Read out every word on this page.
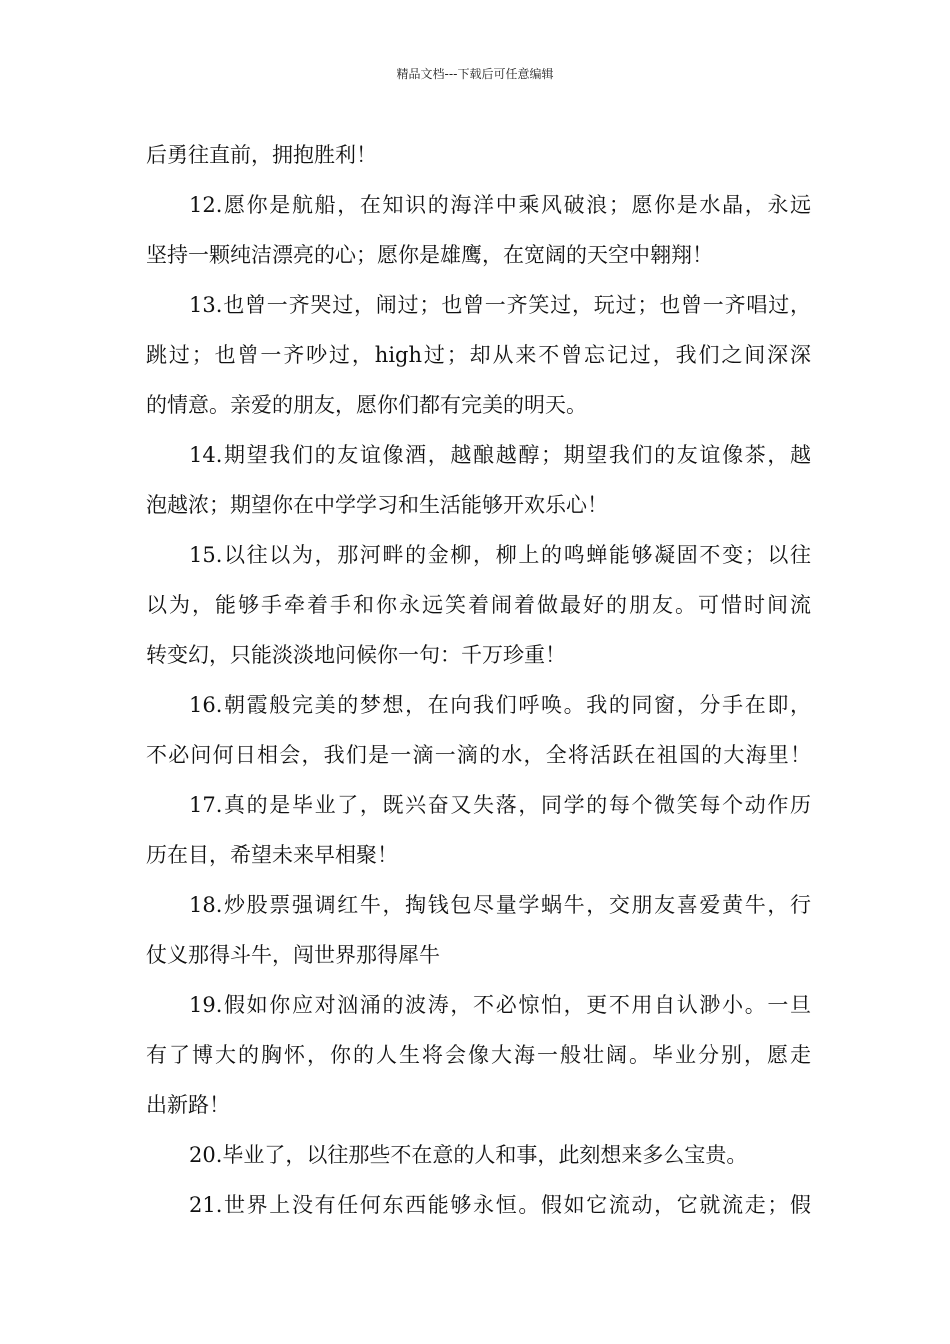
精品文档---下载后可任意编辑
后勇往直前，拥抱胜利！
12.愿你是航船，在知识的海洋中乘风破浪；愿你是水晶，永远
坚持一颗纯洁漂亮的心；愿你是雄鹰，在宽阔的天空中翱翔！
13.也曾一齐哭过，闹过；也曾一齐笑过，玩过；也曾一齐唱过，
跳过；也曾一齐吵过，high过；却从来不曾忘记过，我们之间深深
的情意。亲爱的朋友，愿你们都有完美的明天。
14.期望我们的友谊像酒，越酿越醇；期望我们的友谊像茶，越
泡越浓；期望你在中学学习和生活能够开欢乐心！
15.以往以为，那河畔的金柳，柳上的鸣蝉能够凝固不变；以往
以为，能够手牵着手和你永远笑着闹着做最好的朋友。可惜时间流
转变幻，只能淡淡地问候你一句：千万珍重！
16.朝霞般完美的梦想，在向我们呼唤。我的同窗，分手在即，
不必问何日相会，我们是一滴一滴的水，全将活跃在祖国的大海里！
17.真的是毕业了，既兴奋又失落，同学的每个微笑每个动作历
历在目，希望未来早相聚！
18.炒股票强调红牛，掏钱包尽量学蜗牛，交朋友喜爱黄牛，行
仗义那得斗牛，闯世界那得犀牛
19.假如你应对汹涌的波涛，不必惊怕，更不用自认渺小。一旦
有了博大的胸怀，你的人生将会像大海一般壮阔。毕业分别，愿走
出新路！
20.毕业了，以往那些不在意的人和事，此刻想来多么宝贵。
21.世界上没有任何东西能够永恒。假如它流动，它就流走；假
